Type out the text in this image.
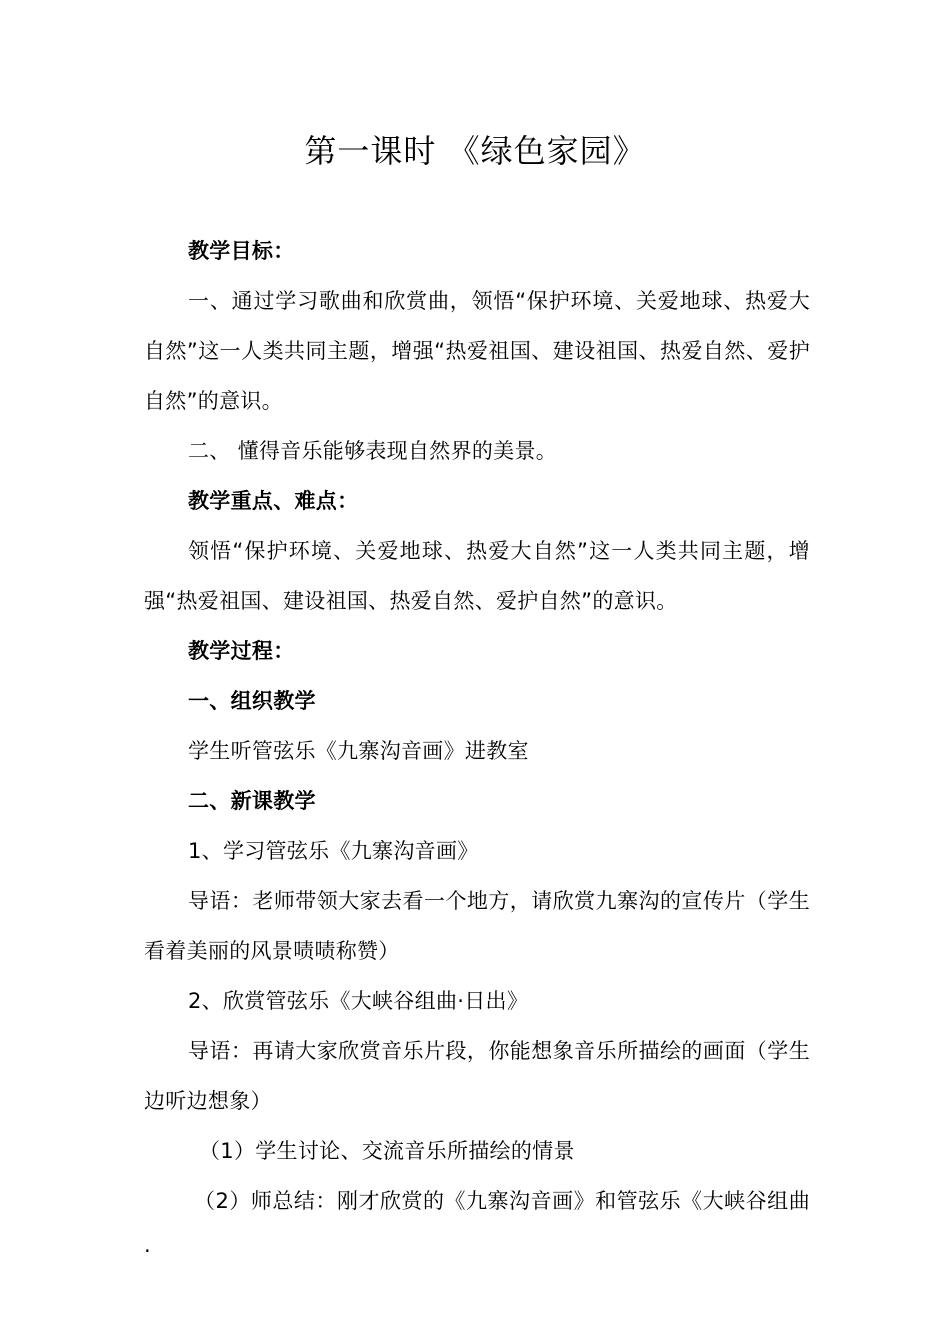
第一课时 《绿色家园》

教学目标：

一、通过学习歌曲和欣赏曲，领悟“保护环境、关爱地球、热爱大自然”这一人类共同主题，增强“热爱祖国、建设祖国、热爱自然、爱护自然”的意识。

二、 懂得音乐能够表现自然界的美景。

教学重点、难点：

领悟“保护环境、关爱地球、热爱大自然”这一人类共同主题，增强“热爱祖国、建设祖国、热爱自然、爱护自然”的意识。

教学过程：

一、组织教学

学生听管弦乐《九寨沟音画》进教室

二、新课教学

1、学习管弦乐《九寨沟音画》

导语：老师带领大家去看一个地方，请欣赏九寨沟的宣传片（学生看着美丽的风景啧啧称赞）

2、欣赏管弦乐《大峡谷组曲·日出》

导语：再请大家欣赏音乐片段，你能想象音乐所描绘的画面（学生边听边想象）

（1）学生讨论、交流音乐所描绘的情景

（2）师总结：刚才欣赏的《九寨沟音画》和管弦乐《大峡谷组曲·
